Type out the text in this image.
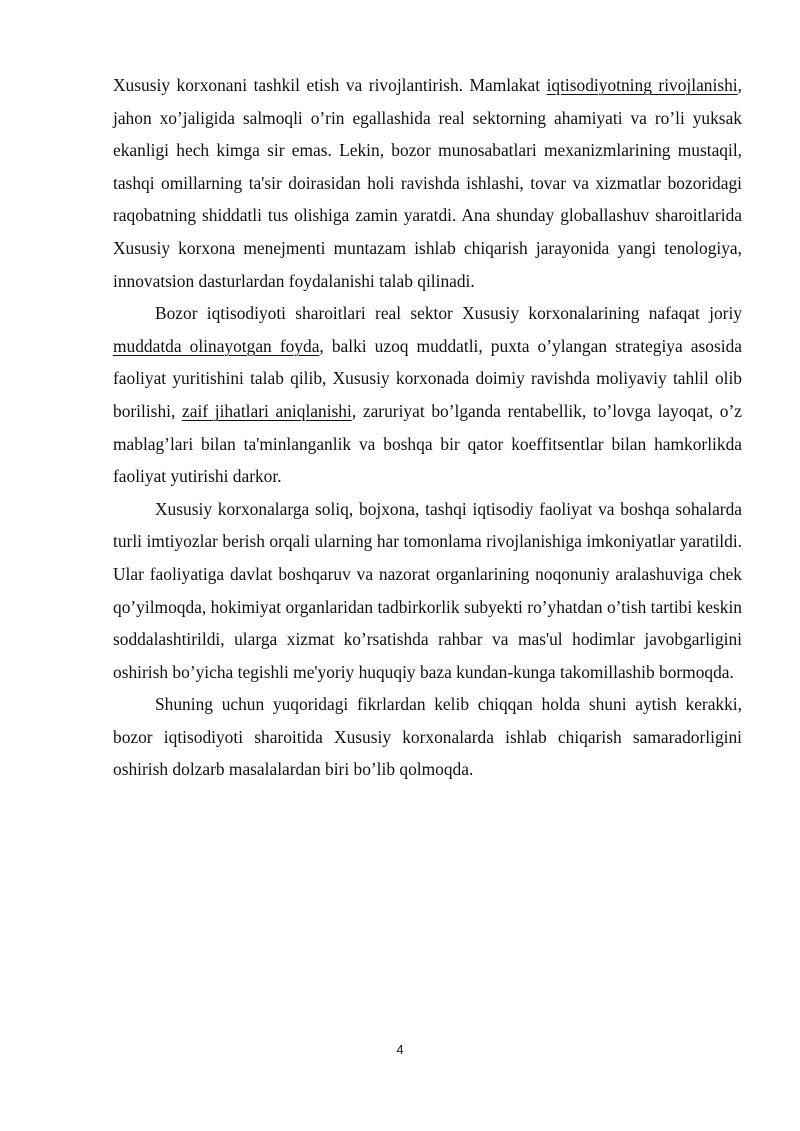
Xususiy korxonani tashkil etish va rivojlantirish. Mamlakat iqtisodiyotning rivojlanishi, jahon xo’jaligida salmoqli o’rin egallashida real sektorning ahamiyati va ro’li yuksak ekanligi hech kimga sir emas. Lekin, bozor munosabatlari mexanizmlarining mustaqil, tashqi omillarning ta'sir doirasidan holi ravishda ishlashi, tovar va xizmatlar bozoridagi raqobatning shiddatli tus olishiga zamin yaratdi. Ana shunday globallashuv sharoitlarida Xususiy korxona menejmenti muntazam ishlab chiqarish jarayonida yangi tenologiya, innovatsion dasturlardan foydalanishi talab qilinadi.

Bozor iqtisodiyoti sharoitlari real sektor Xususiy korxonalarining nafaqat joriy muddatda olinayotgan foyda, balki uzoq muddatli, puxta o’ylangan strategiya asosida faoliyat yuritishini talab qilib, Xususiy korxonada doimiy ravishda moliyaviy tahlil olib borilishi, zaif jihatlari aniqlanishi, zaruriyat bo’lganda rentabellik, to’lovga layoqat, o’z mablag’lari bilan ta'minlanganlik va boshqa bir qator koeffitsentlar bilan hamkorlikda faoliyat yutirishi darkor.

Xususiy korxonalarga soliq, bojxona, tashqi iqtisodiy faoliyat va boshqa sohalarda turli imtiyozlar berish orqali ularning har tomonlama rivojlanishiga imkoniyatlar yaratildi. Ular faoliyatiga davlat boshqaruv va nazorat organlarining noqonuniy aralashuviga chek qo’yilmoqda, hokimiyat organlaridan tadbirkorlik subyekti ro’yhatdan o’tish tartibi keskin soddalashtirildi, ularga xizmat ko’rsatishda rahbar va mas'ul hodimlar javobgarligini oshirish bo’yicha tegishli me'yoriy huquqiy baza kundan-kunga takomillashib bormoqda.

Shuning uchun yuqoridagi fikrlardan kelib chiqqan holda shuni aytish kerakki, bozor iqtisodiyoti sharoitida Xususiy korxonalarda ishlab chiqarish samaradorligini oshirish dolzarb masalalardan biri bo’lib qolmoqda.

4
